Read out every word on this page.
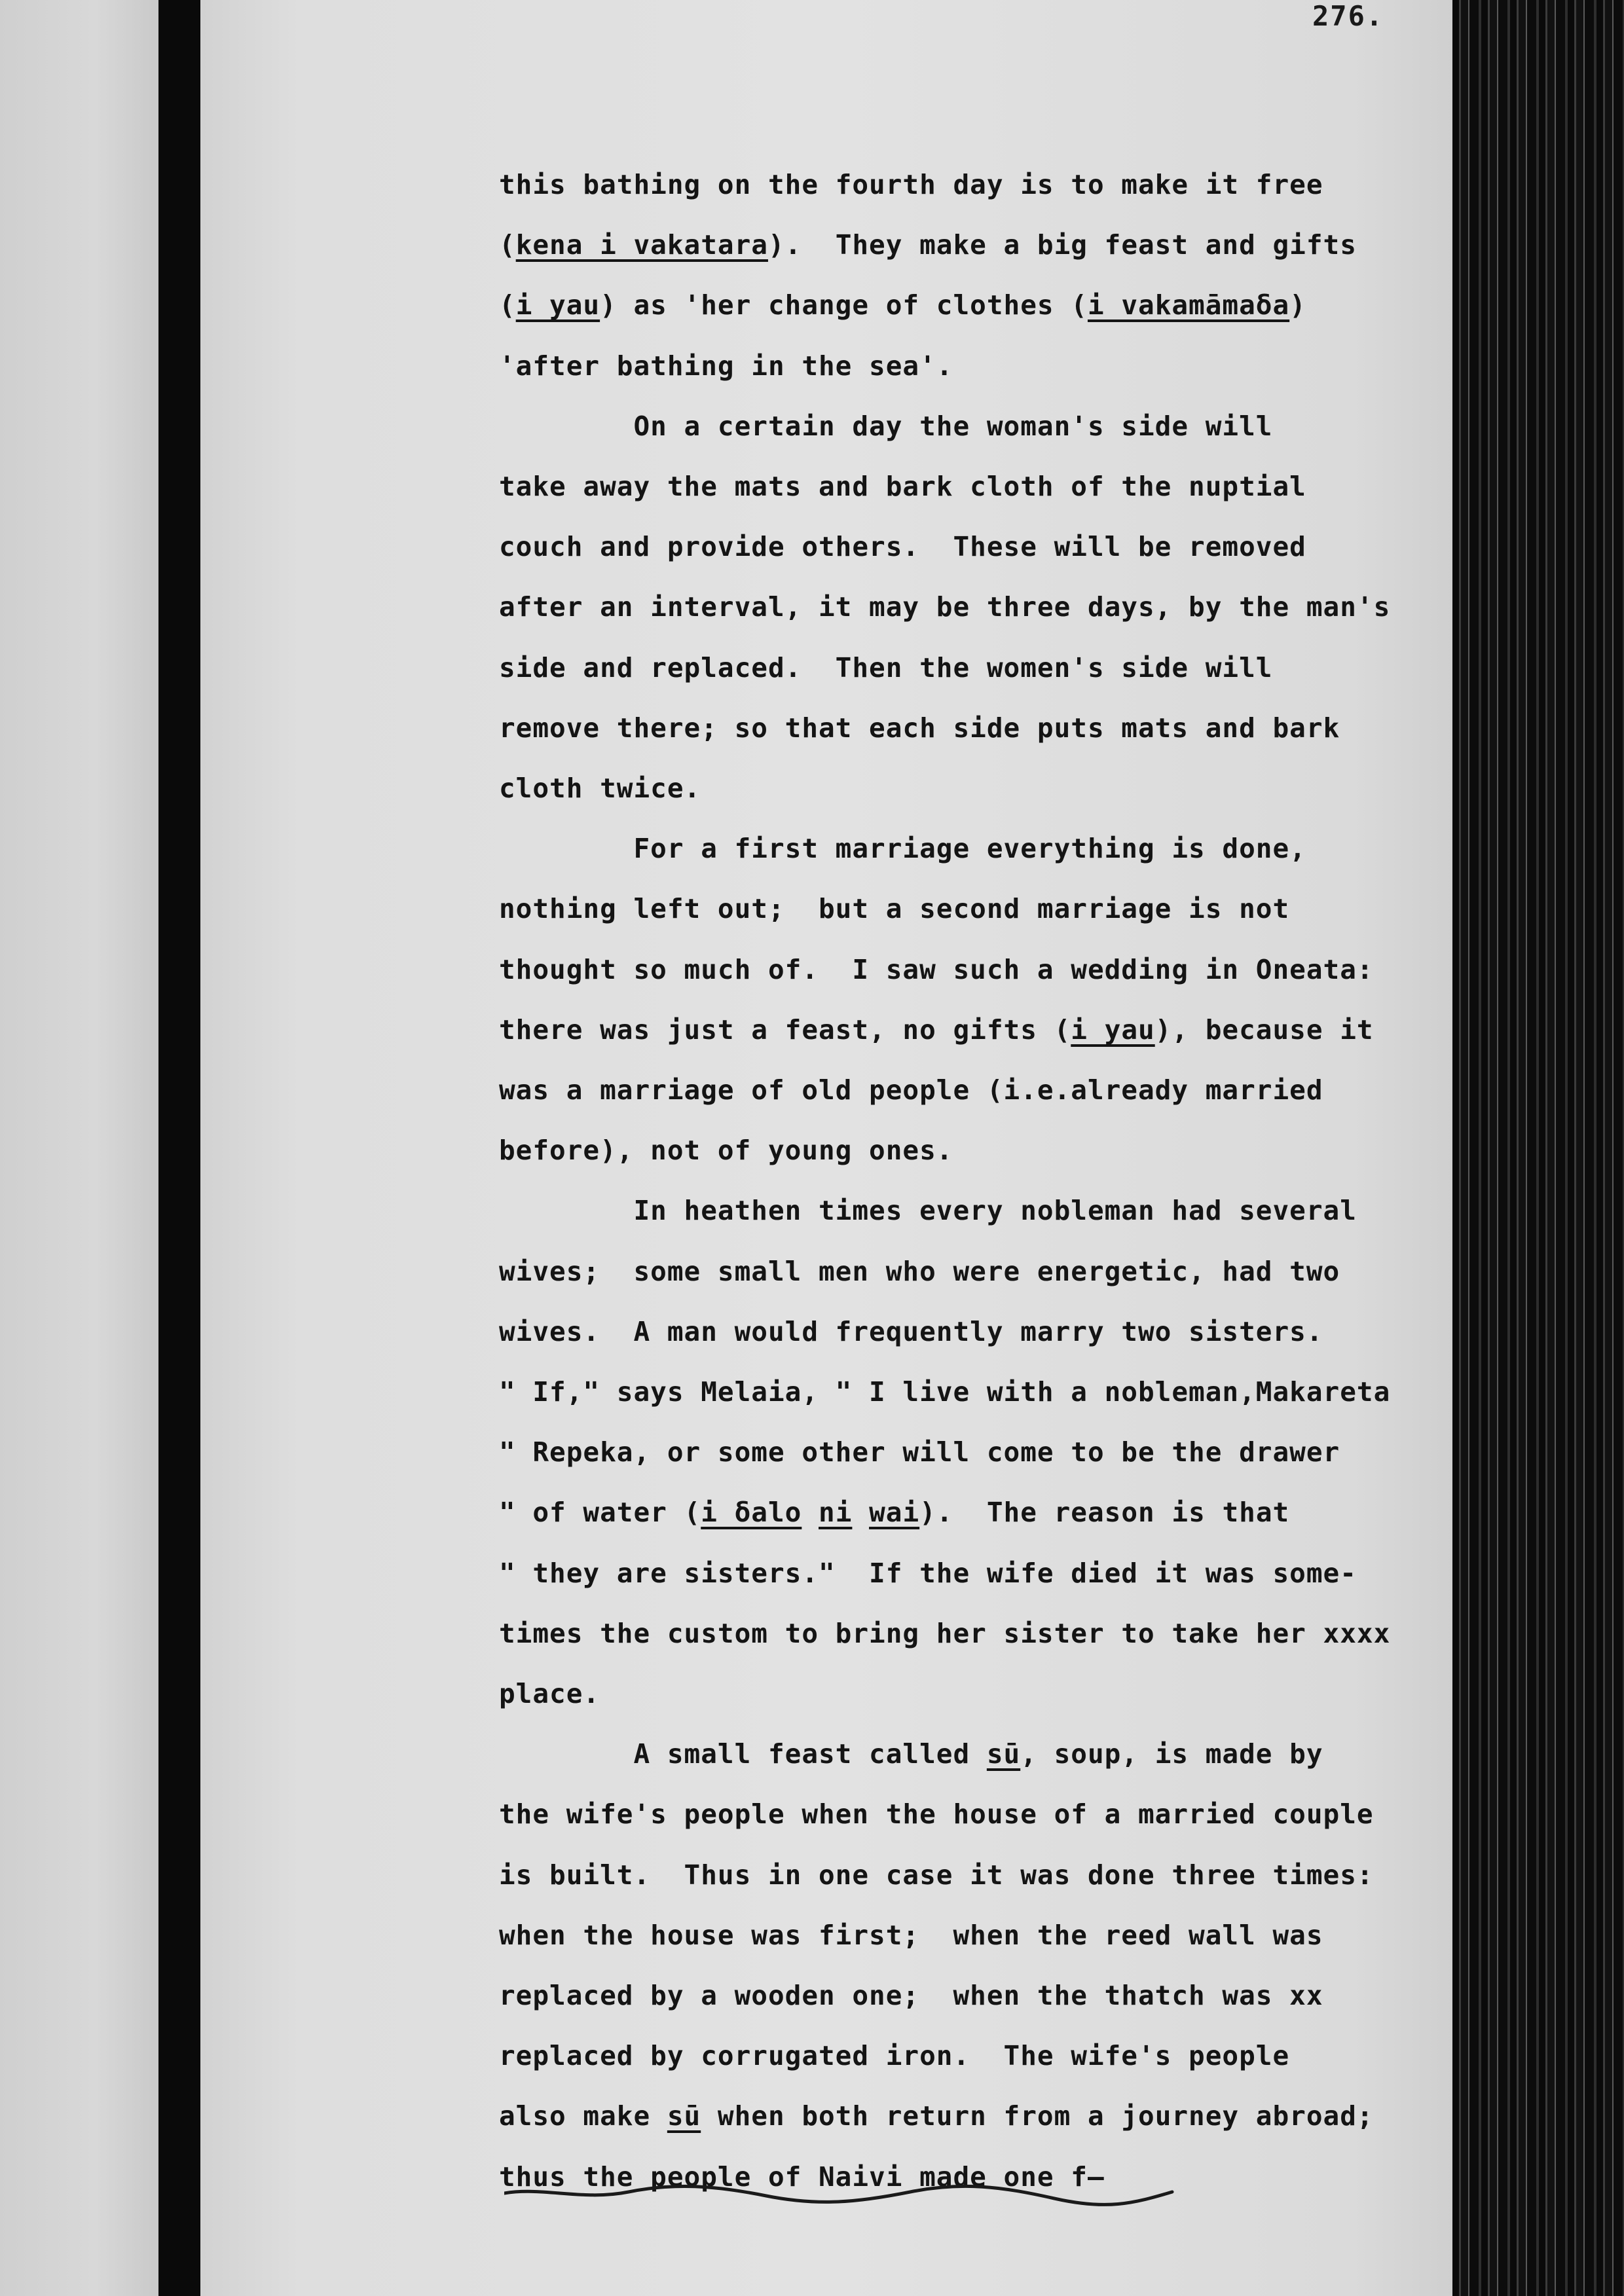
276.
this bathing on the fourth day is to make it free
(kena i vakatara).  They make a big feast and gifts
(i yau) as 'her change of clothes (i vakamāmaδa)
'after bathing in the sea'.
On a certain day the woman's side will
take away the mats and bark cloth of the nuptial
couch and provide others.  These will be removed
after an interval, it may be three days, by the man's
side and replaced.  Then the women's side will
remove there; so that each side puts mats and bark
cloth twice.
For a first marriage everything is done,
nothing left out;  but a second marriage is not
thought so much of.  I saw such a wedding in Oneata:
there was just a feast, no gifts (i yau), because it
was a marriage of old people (i.e.already married
before), not of young ones.
In heathen times every nobleman had several
wives;  some small men who were energetic, had two
wives.  A man would frequently marry two sisters.
" If," says Melaia, " I live with a nobleman,Makareta
" Repeka, or some other will come to be the drawer
" of water (i δalo ni wai).  The reason is that
" they are sisters."  If the wife died it was some-
times the custom to bring her sister to take her xxxx
place.
A small feast called sū, soup, is made by
the wife's people when the house of a married couple
is built.  Thus in one case it was done three times:
when the house was first;  when the reed wall was
replaced by a wooden one;  when the thatch was xx
replaced by corrugated iron.  The wife's people
also make sū when both return from a journey abroad;
thus the people of Naivi made one f—
